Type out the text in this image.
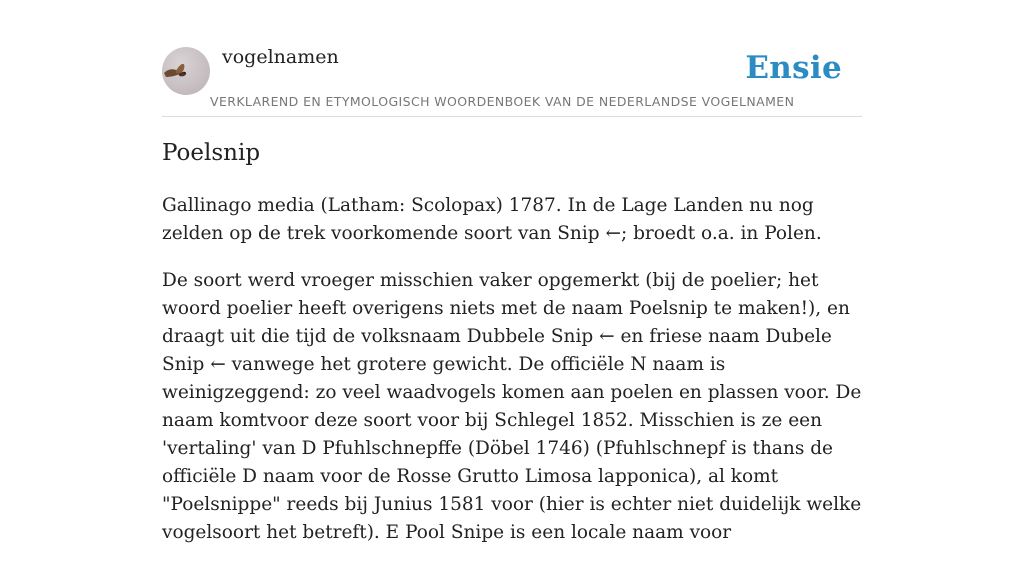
vogelnamen	Ensie
VERKLAREND EN ETYMOLOGISCH WOORDENBOEK VAN DE NEDERLANDSE VOGELNAMEN
Poelsnip

Gallinago media (Latham: Scolopax) 1787. In de Lage Landen nu nog zelden op de trek voorkomende soort van Snip ←; broedt o.a. in Polen.

De soort werd vroeger misschien vaker opgemerkt (bij de poelier; het woord poelier heeft overigens niets met de naam Poelsnip te maken!), en draagt uit die tijd de volksnaam Dubbele Snip ← en friese naam Dubele Snip ← vanwege het grotere gewicht. De officiële N naam is weinigzeggend: zo veel waadvogels komen aan poelen en plassen voor. De naam komtvoor deze soort voor bij Schlegel 1852. Misschien is ze een 'vertaling' van D Pfuhlschnepffe (Döbel 1746) (Pfuhlschnepf is thans de officiële D naam voor de Rosse Grutto Limosa lapponica), al komt "Poelsnippe" reeds bij Junius 1581 voor (hier is echter niet duidelijk welke vogelsoort het betreft). E Pool Snipe is een locale naam voor
